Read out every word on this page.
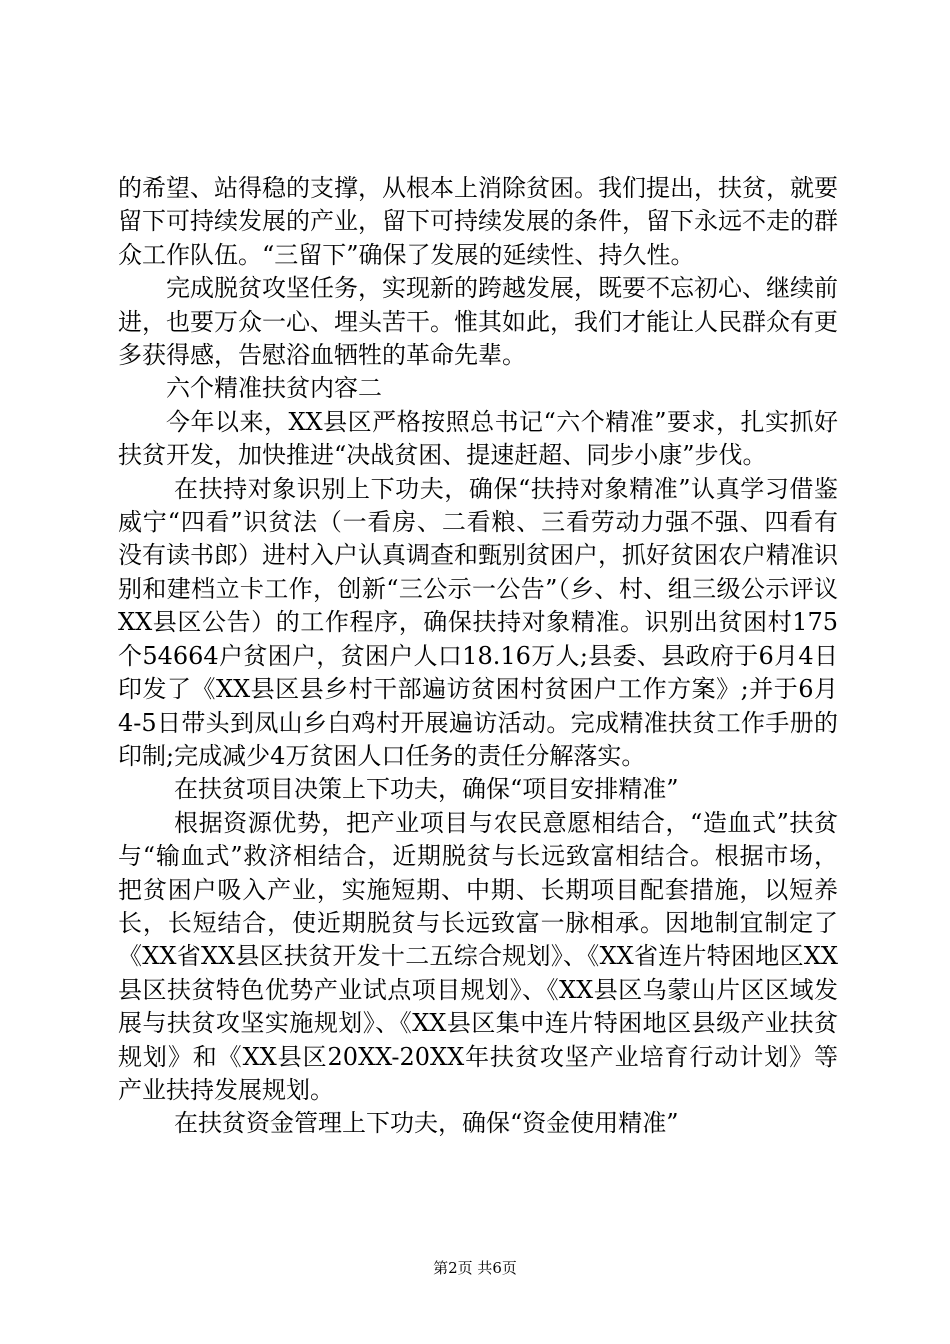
的希望、站得稳的支撑，从根本上消除贫困。我们提出，扶贫，就要留下可持续发展的产业，留下可持续发展的条件，留下永远不走的群众工作队伍。“三留下”确保了发展的延续性、持久性。

完成脱贫攻坚任务，实现新的跨越发展，既要不忘初心、继续前进，也要万众一心、埋头苦干。惟其如此，我们才能让人民群众有更多获得感，告慰浴血牺牲的革命先辈。

六个精准扶贫内容二

今年以来，XX县区严格按照总书记“六个精准”要求，扎实抓好扶贫开发，加快推进“决战贫困、提速赶超、同步小康”步伐。

在扶持对象识别上下功夫，确保“扶持对象精准”认真学习借鉴威宁“四看”识贫法（一看房、二看粮、三看劳动力强不强、四看有没有读书郎）进村入户认真调查和甄别贫困户，抓好贫困农户精准识别和建档立卡工作，创新“三公示一公告”（乡、村、组三级公示评议XX县区公告）的工作程序，确保扶持对象精准。识别出贫困村175个54664户贫困户，贫困户人口18.16万人;县委、县政府于6月4日印发了《XX县区县乡村干部遍访贫困村贫困户工作方案》;并于6月4-5日带头到凤山乡白鸡村开展遍访活动。完成精准扶贫工作手册的印制;完成减少4万贫困人口任务的责任分解落实。

在扶贫项目决策上下功夫，确保“项目安排精准”

根据资源优势，把产业项目与农民意愿相结合，“造血式”扶贫与“输血式”救济相结合，近期脱贫与长远致富相结合。根据市场，把贫困户吸入产业，实施短期、中期、长期项目配套措施，以短养长，长短结合，使近期脱贫与长远致富一脉相承。因地制宜制定了《XX省XX县区扶贫开发十二五综合规划》、《XX省连片特困地区XX县区扶贫特色优势产业试点项目规划》、《XX县区乌蒙山片区区域发展与扶贫攻坚实施规划》、《XX县区集中连片特困地区县级产业扶贫规划》和《XX县区20XX-20XX年扶贫攻坚产业培育行动计划》等产业扶持发展规划。

在扶贫资金管理上下功夫，确保“资金使用精准”

第2页 共6页
